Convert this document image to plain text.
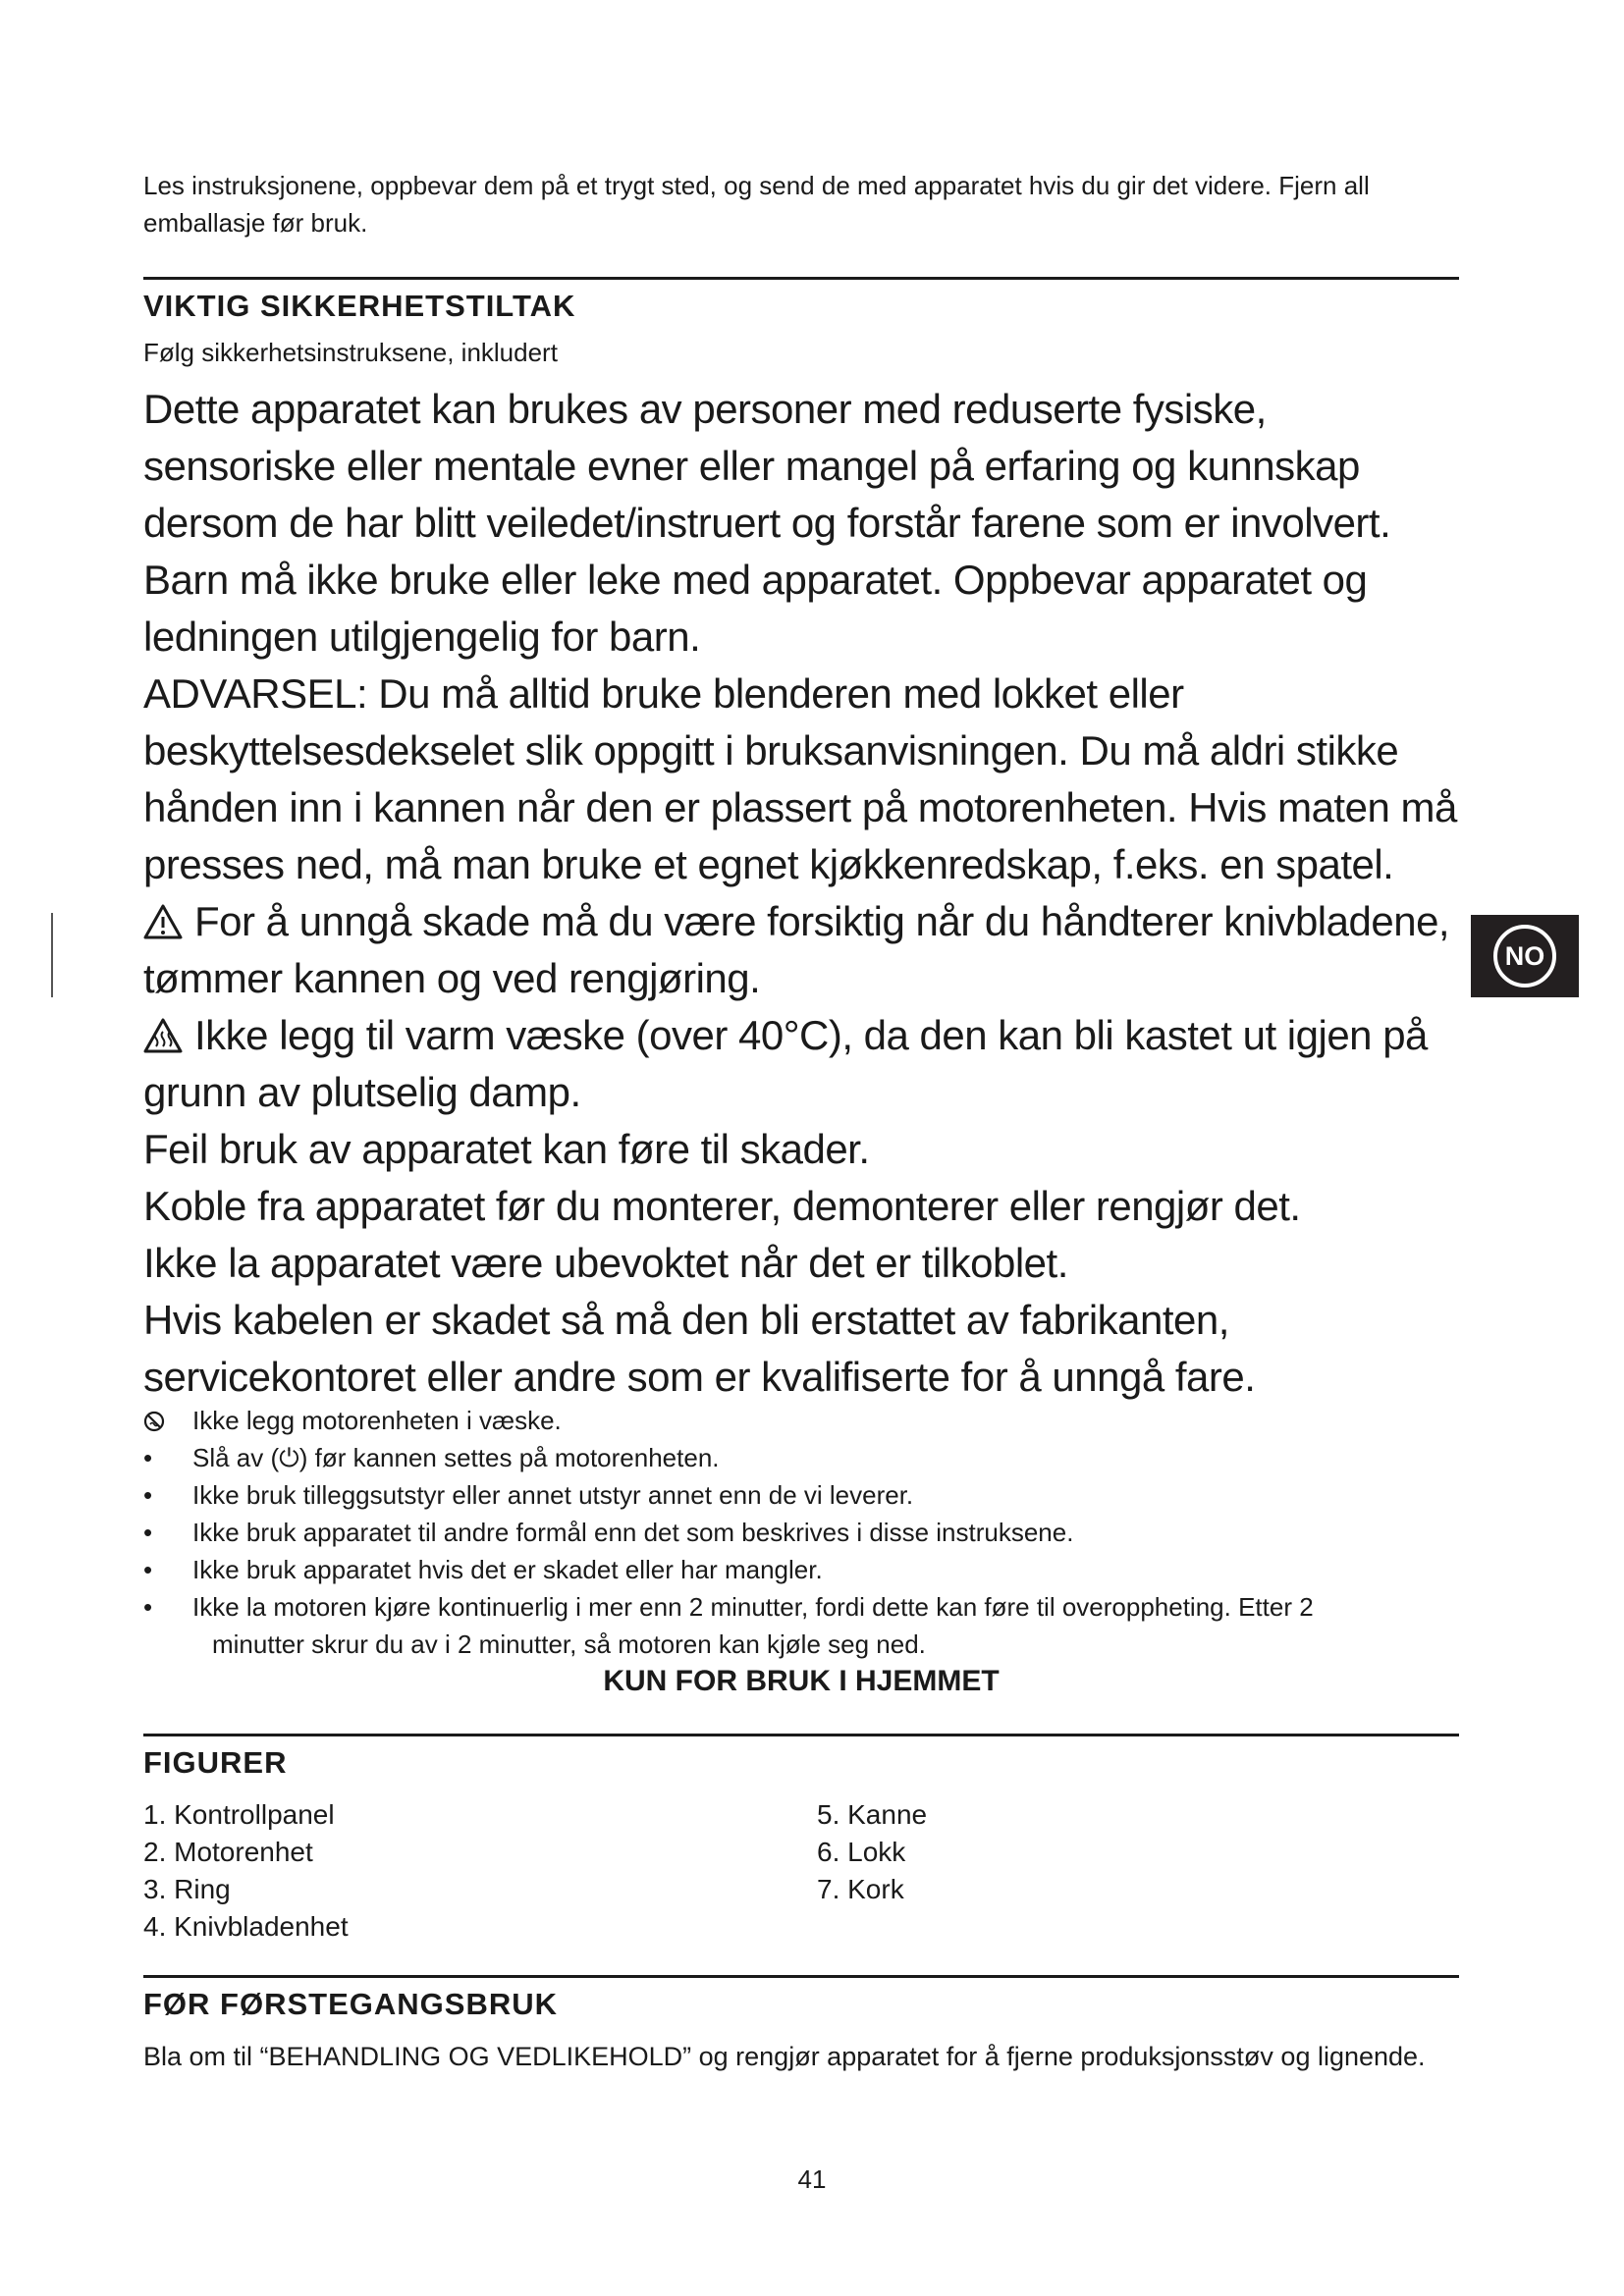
Les instruksjonene, oppbevar dem på et trygt sted, og send de med apparatet hvis du gir det videre. Fjern all emballasje før bruk.
VIKTIG SIKKERHETSTILTAK
Følg sikkerhetsinstruksene, inkludert

Dette apparatet kan brukes av personer med reduserte fysiske, sensoriske eller mentale evner eller mangel på erfaring og kunnskap dersom de har blitt veiledet/instruert og forstår farene som er involvert. Barn må ikke bruke eller leke med apparatet. Oppbevar apparatet og ledningen utilgjengelig for barn.

ADVARSEL: Du må alltid bruke blenderen med lokket eller beskyttelsesdekselet slik oppgitt i bruksanvisningen. Du må aldri stikke hånden inn i kannen når den er plassert på motorenheten. Hvis maten må presses ned, må man bruke et egnet kjøkkenredskap, f.eks. en spatel.

For å unngå skade må du være forsiktig når du håndterer knivbladene, tømmer kannen og ved rengjøring.

Ikke legg til varm væske (over 40°C), da den kan bli kastet ut igjen på grunn av plutselig damp.

Feil bruk av apparatet kan føre til skader.

Koble fra apparatet før du monterer, demonterer eller rengjør det.

Ikke la apparatet være ubevoktet når det er tilkoblet.

Hvis kabelen er skadet så må den bli erstattet av fabrikanten, servicekontoret eller andre som er kvalifiserte for å unngå fare.

Ikke legg motorenheten i væske.
•	Slå av (⏻) før kannen settes på motorenheten.
•	Ikke bruk tilleggsutstyr eller annet utstyr annet enn de vi leverer.
•	Ikke bruk apparatet til andre formål enn det som beskrives i disse instruksene.
•	Ikke bruk apparatet hvis det er skadet eller har mangler.
•	Ikke la motoren kjøre kontinuerlig i mer enn 2 minutter, fordi dette kan føre til overoppheting. Etter 2
minutter skrur du av i 2 minutter, så motoren kan kjøle seg ned.
KUN FOR BRUK I HJEMMET
FIGURER
1. Kontrollpanel
2. Motorenhet
3. Ring
4. Knivbladenhet
5. Kanne
6. Lokk
7. Kork
FØR FØRSTEGANGSBRUK
Bla om til “BEHANDLING OG VEDLIKEHOLD” og rengjør apparatet for å fjerne produksjonsstøv og lignende.
41
NO
